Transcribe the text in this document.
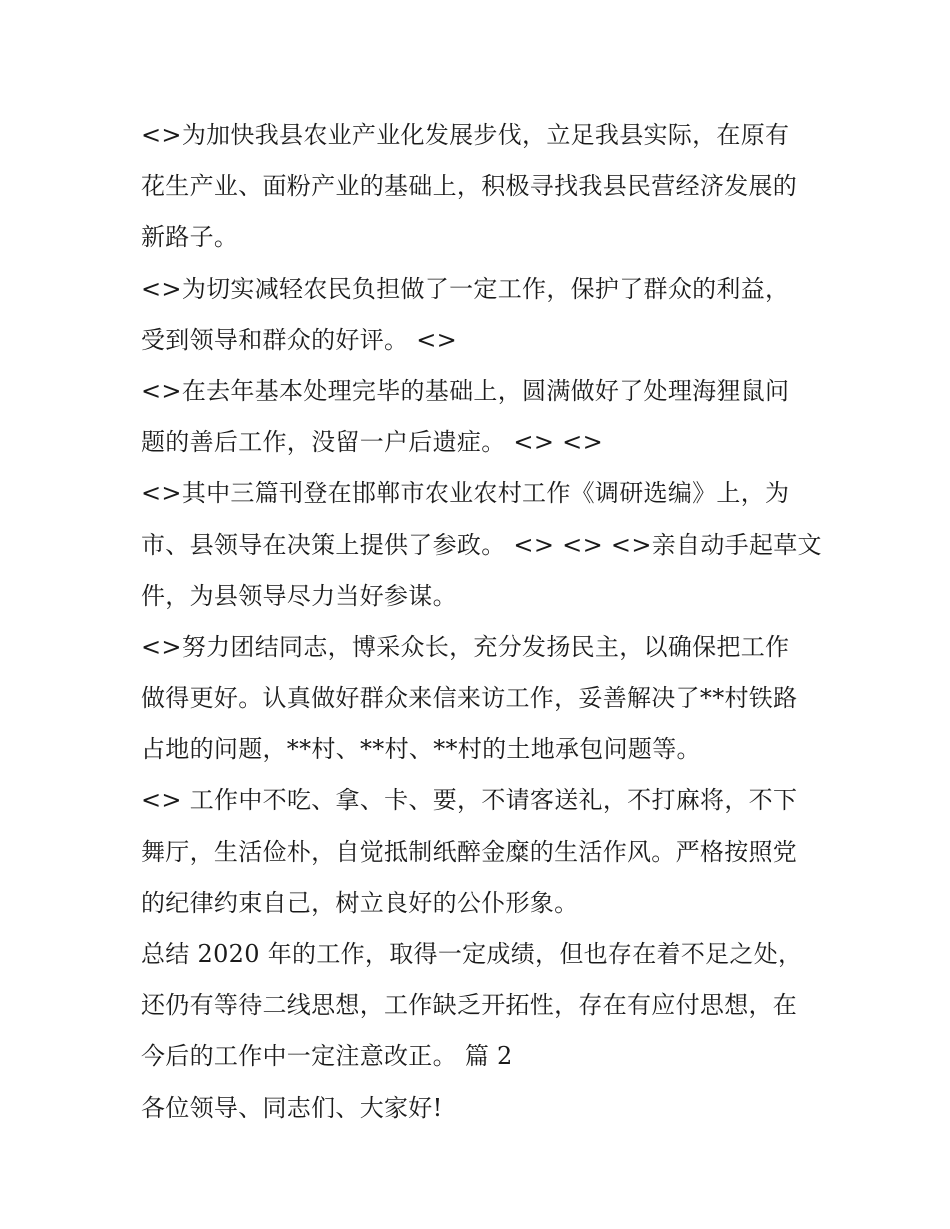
<>为加快我县农业产业化发展步伐，立足我县实际，在原有
花生产业、面粉产业的基础上，积极寻找我县民营经济发展的
新路子。
<>为切实减轻农民负担做了一定工作，保护了群众的利益，
受到领导和群众的好评。 <>
<>在去年基本处理完毕的基础上，圆满做好了处理海狸鼠问
题的善后工作，没留一户后遗症。 <> <>
<>其中三篇刊登在邯郸市农业农村工作《调研选编》上，为
市、县领导在决策上提供了参政。 <> <> <>亲自动手起草文
件，为县领导尽力当好参谋。
<>努力团结同志，博采众长，充分发扬民主，以确保把工作
做得更好。认真做好群众来信来访工作，妥善解决了**村铁路
占地的问题，**村、**村、**村的土地承包问题等。
<> 工作中不吃、拿、卡、要，不请客送礼，不打麻将，不下
舞厅，生活俭朴，自觉抵制纸醉金糜的生活作风。严格按照党
的纪律约束自己，树立良好的公仆形象。
总结 2020 年的工作，取得一定成绩，但也存在着不足之处，
还仍有等待二线思想，工作缺乏开拓性，存在有应付思想，在
今后的工作中一定注意改正。 篇 2
各位领导、同志们、大家好!
